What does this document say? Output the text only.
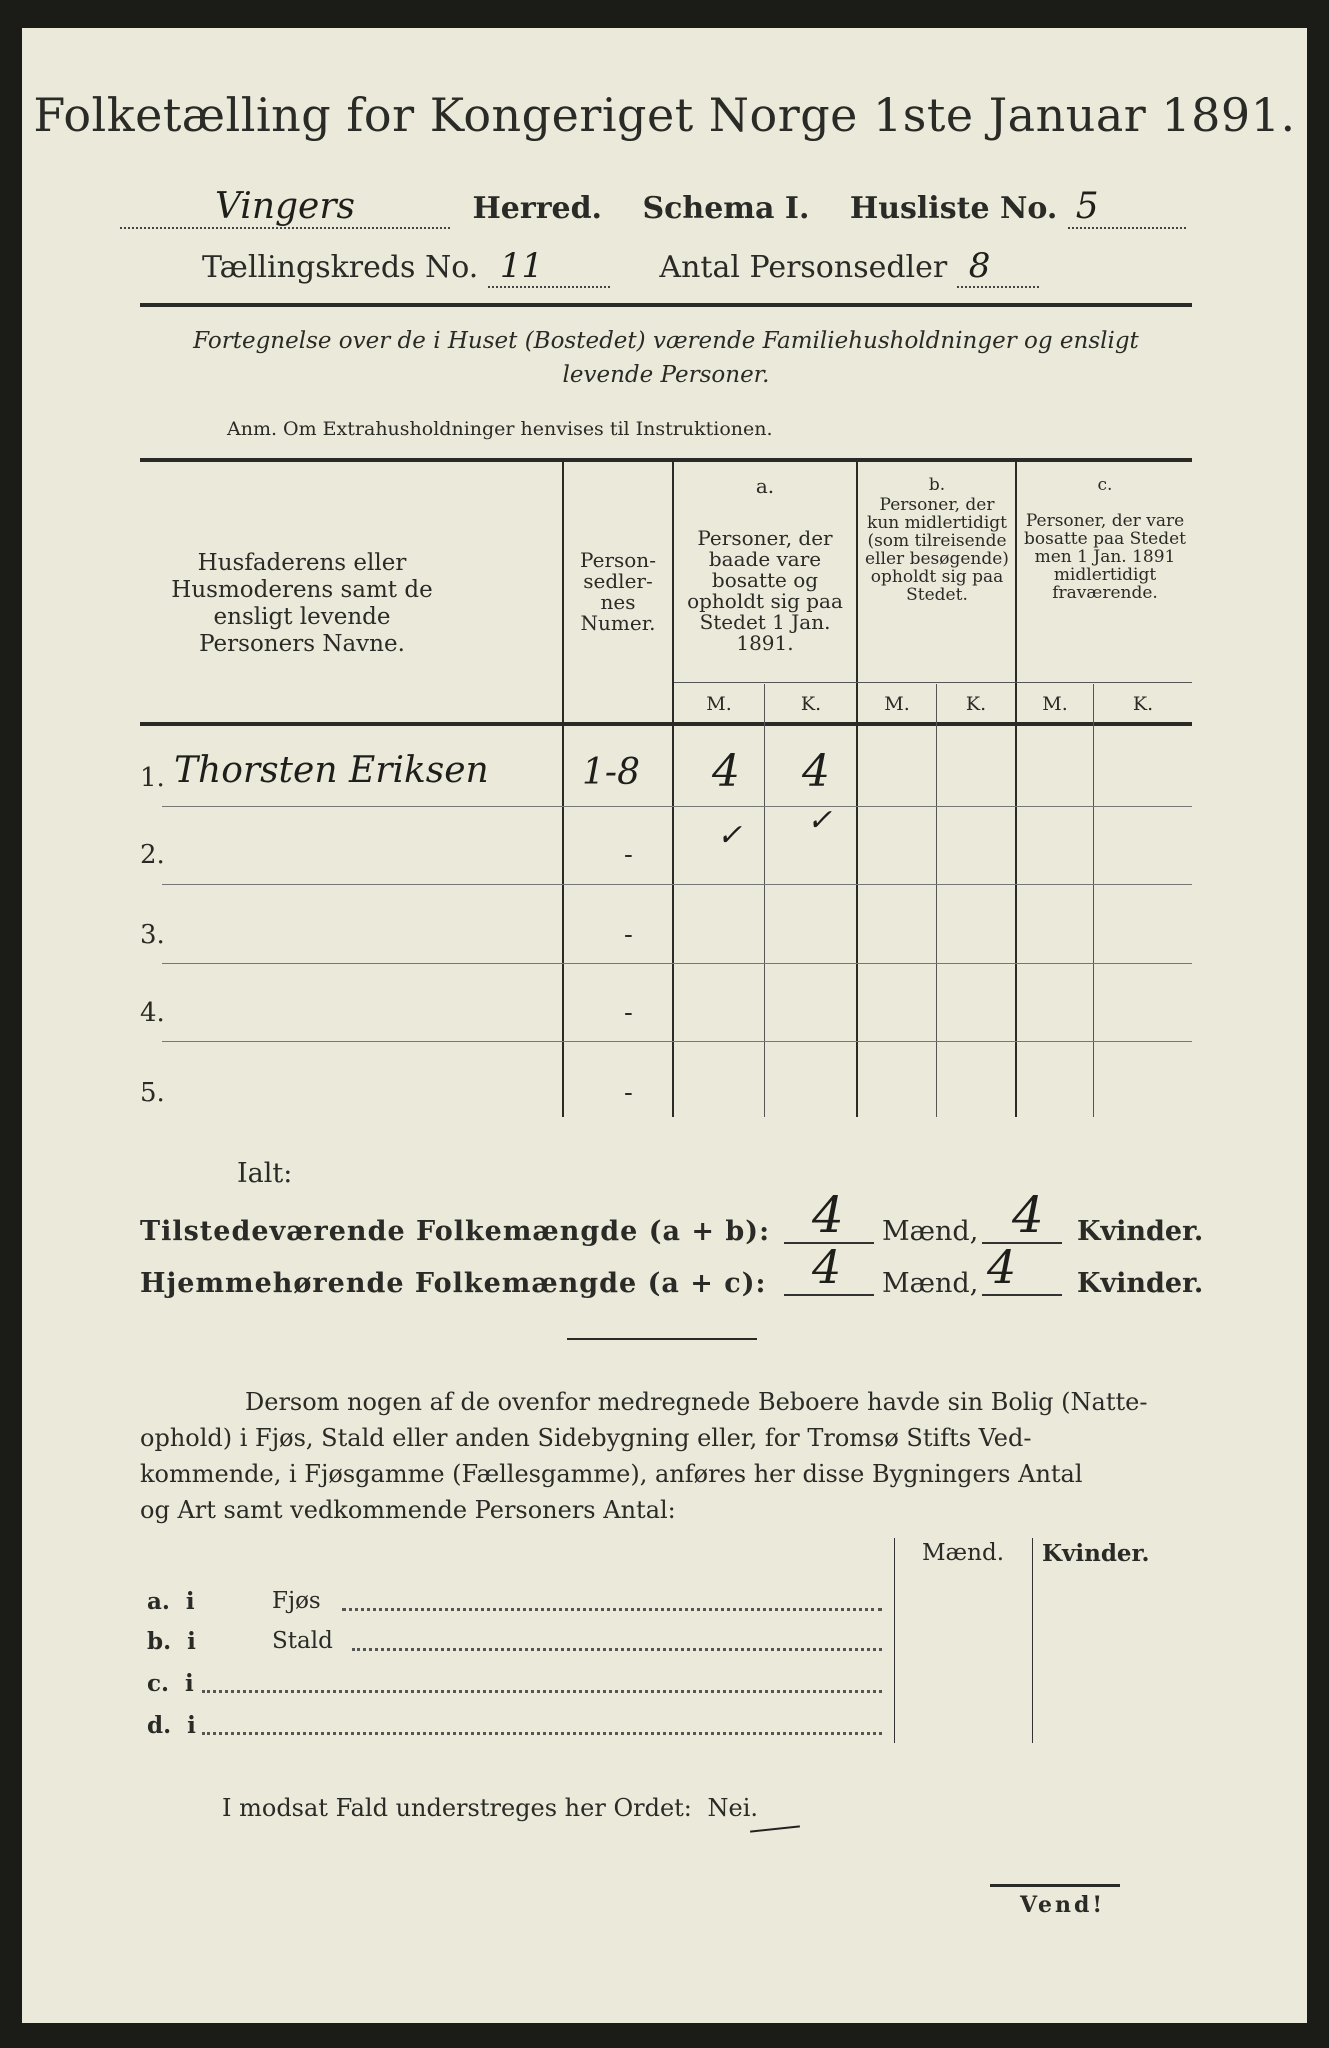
Folketælling for Kongeriget Norge 1ste Januar 1891.
Vingers	Herred. Schema I. Husliste No. 5
Tællingskreds No. 11	Antal Personsedler 8
Fortegnelse over de i Huset (Bostedet) værende Familiehusholdninger og ensligt
levende Personer.
Anm. Om Extrahusholdninger henvises til Instruktionen.
Husfaderens eller Husmoderens samt de ensligt levende Personers Navne.
Person-sedler-nes Numer.
a.
Personer, der baade vare bosatte og opholdt sig paa Stedet 1 Jan. 1891.
b.
Personer, der kun midlertidigt (som tilreisende eller besøgende) opholdt sig paa Stedet.
c.
Personer, der vare bosatte paa Stedet men 1 Jan. 1891 midlertidigt fraværende.
M.	K.	M.	K.	M.	K.
1. Thorsten Eriksen	1-8 4 4
2.	-
✓ ✓
3.	-
4.	-
5.	-
Ialt:
Tilstedeværende Folkemængde (a + b): 4 Mænd, 4 Kvinder.
Hjemmehørende Folkemængde (a + c): 4 Mænd, 4 Kvinder.
Dersom nogen af de ovenfor medregnede Beboere havde sin Bolig (Natte-
ophold) i Fjøs, Stald eller anden Sidebygning eller, for Tromsø Stifts Ved-
kommende, i Fjøsgamme (Fællesgamme), anføres her disse Bygningers Antal
og Art samt vedkommende Personers Antal:
Mænd. Kvinder.
a.  i	Fjøs
b.  i	Stald
c.  i
d.  i
I modsat Fald understreges her Ordet: Nei.
Vend!
